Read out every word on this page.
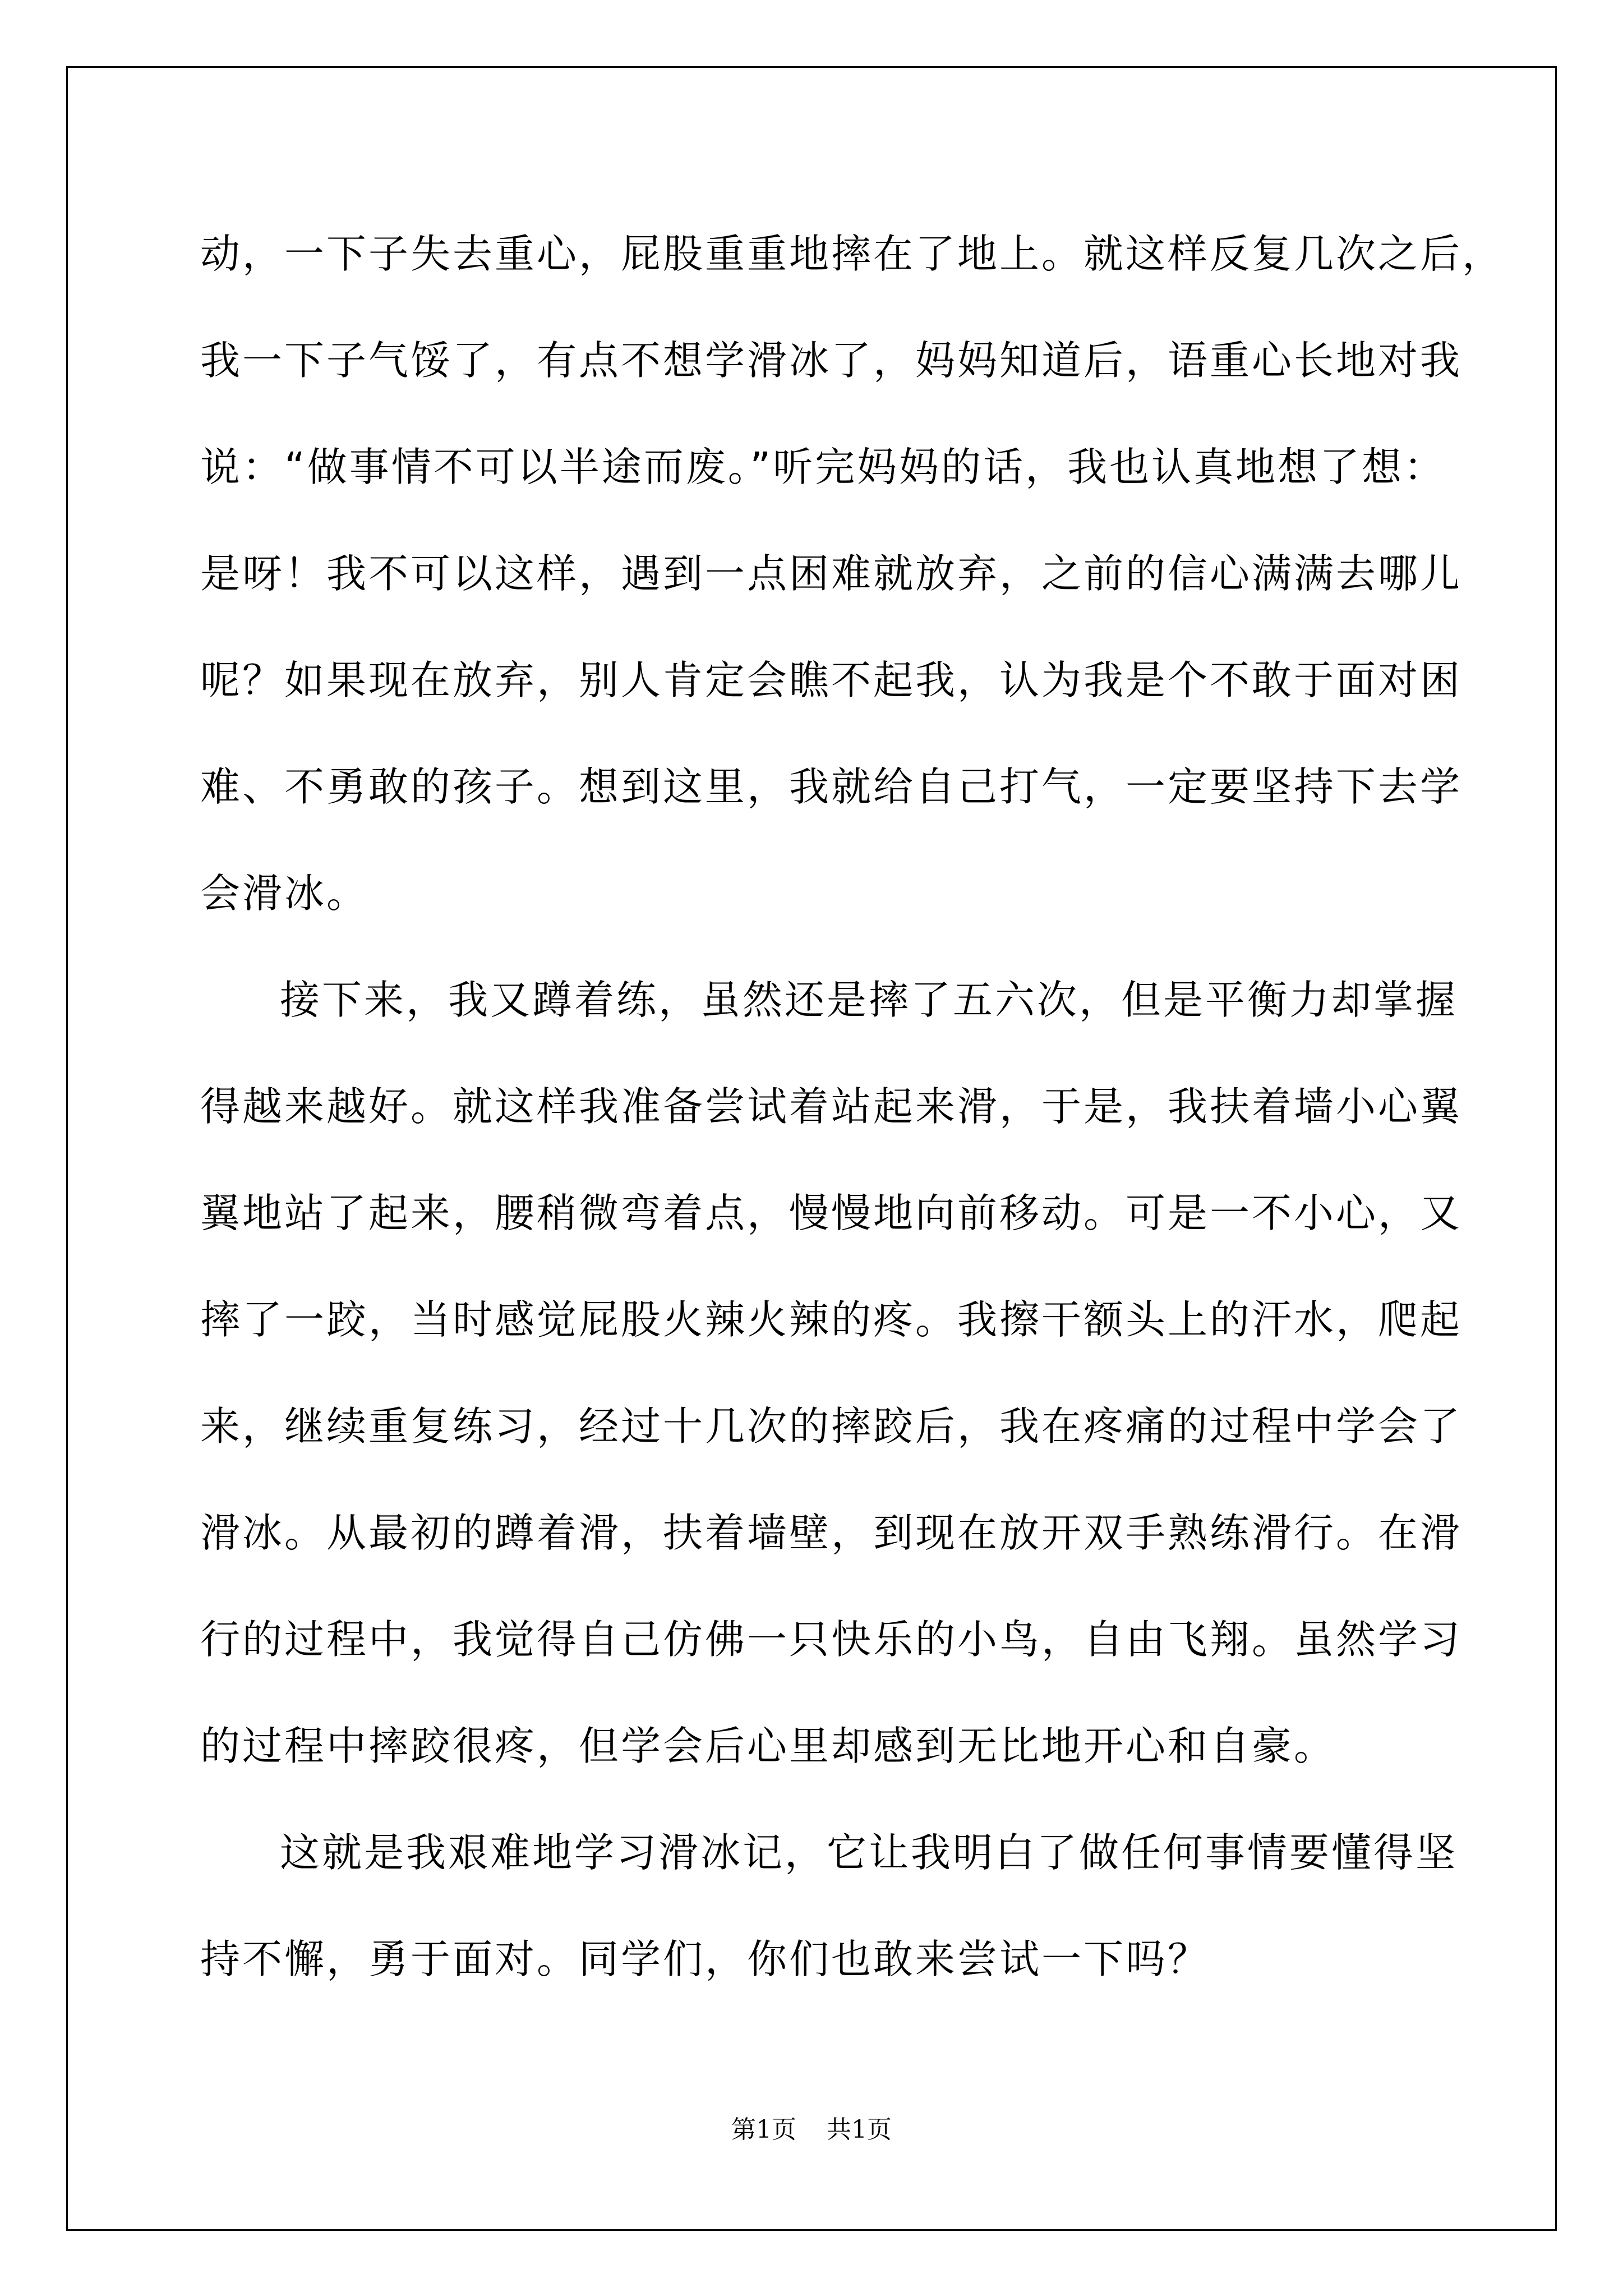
动，一下子失去重心，屁股重重地摔在了地上。就这样反复几次之后，
我一下子气馁了，有点不想学滑冰了，妈妈知道后，语重心长地对我
说：“做事情不可以半途而废。”听完妈妈的话，我也认真地想了想：
是呀！我不可以这样，遇到一点困难就放弃，之前的信心满满去哪儿
呢？如果现在放弃，别人肯定会瞧不起我，认为我是个不敢于面对困
难、不勇敢的孩子。想到这里，我就给自己打气，一定要坚持下去学
会滑冰。
接下来，我又蹲着练，虽然还是摔了五六次，但是平衡力却掌握
得越来越好。就这样我准备尝试着站起来滑，于是，我扶着墙小心翼
翼地站了起来，腰稍微弯着点，慢慢地向前移动。可是一不小心，又
摔了一跤，当时感觉屁股火辣火辣的疼。我擦干额头上的汗水，爬起
来，继续重复练习，经过十几次的摔跤后，我在疼痛的过程中学会了
滑冰。从最初的蹲着滑，扶着墙壁，到现在放开双手熟练滑行。在滑
行的过程中，我觉得自己仿佛一只快乐的小鸟，自由飞翔。虽然学习
的过程中摔跤很疼，但学会后心里却感到无比地开心和自豪。
这就是我艰难地学习滑冰记，它让我明白了做任何事情要懂得坚
持不懈，勇于面对。同学们，你们也敢来尝试一下吗？
第1页 共1页
